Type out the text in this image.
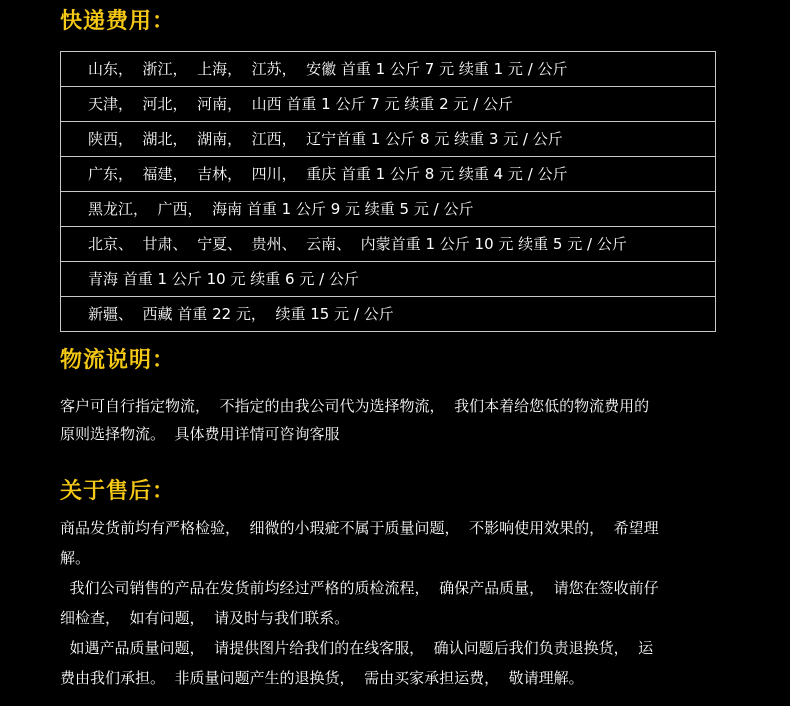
快递费用：
山东，  浙江，  上海，  江苏，  安徽 首重 1 公斤 7 元 续重 1 元 / 公斤
天津，  河北，  河南，  山西 首重 1 公斤 7 元 续重 2 元 / 公斤
陕西，  湖北，  湖南，  江西，  辽宁首重 1 公斤 8 元 续重 3 元 / 公斤
广东，  福建，  吉林，  四川，  重庆 首重 1 公斤 8 元 续重 4 元 / 公斤
黑龙江，  广西，  海南 首重 1 公斤 9 元 续重 5 元 / 公斤
北京、  甘肃、  宁夏、  贵州、  云南、  内蒙首重 1 公斤 10 元 续重 5 元 / 公斤
青海 首重 1 公斤 10 元 续重 6 元 / 公斤
新疆、  西藏 首重 22 元，  续重 15 元 / 公斤
物流说明：
客户可自行指定物流，  不指定的由我公司代为选择物流，  我们本着给您低的物流费用的
原则选择物流。  具体费用详情可咨询客服
关于售后：
商品发货前均有严格检验，  细微的小瑕疵不属于质量问题，  不影响使用效果的，  希望理
解。
我们公司销售的产品在发货前均经过严格的质检流程，  确保产品质量，  请您在签收前仔
细检查，  如有问题，  请及时与我们联系。
如遇产品质量问题，  请提供图片给我们的在线客服，  确认问题后我们负责退换货，  运
费由我们承担。  非质量问题产生的退换货，  需由买家承担运费，  敬请理解。
